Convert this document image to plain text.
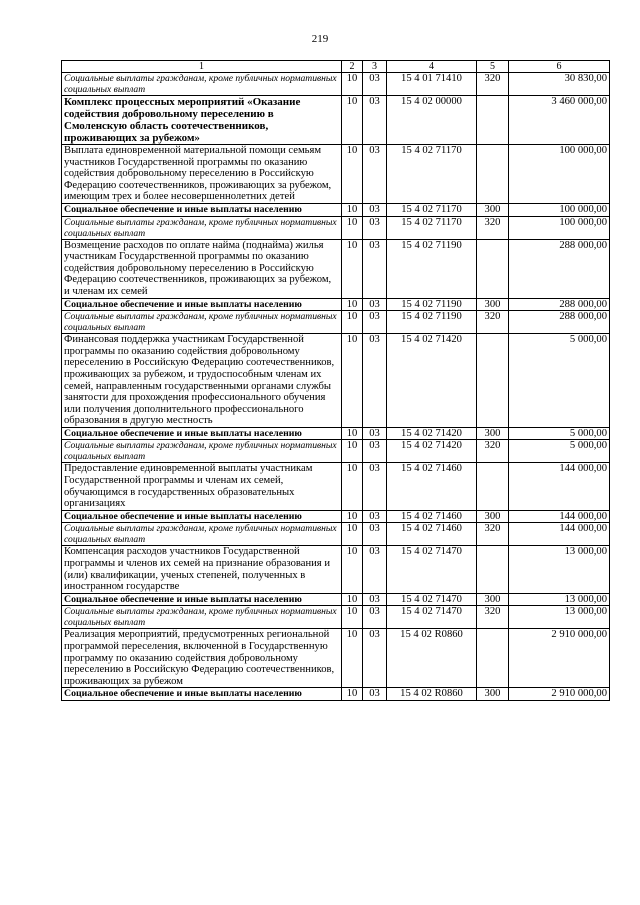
219
1	2	3	4	5	6
Социальные выплаты гражданам, кроме публичных нормативных социальных выплат	10	03	15 4 01 71410	320	30 830,00
Комплекс процессных мероприятий «Оказание содействия добровольному переселению в Смоленскую область соотечественников, проживающих за рубежом»	10	03	15 4 02 00000		3 460 000,00
Выплата единовременной материальной помощи семьям участников Государственной программы по оказанию содействия добровольному переселению в Российскую Федерацию соотечественников, проживающих за рубежом, имеющим трех и более несовершеннолетних детей	10	03	15 4 02 71170		100 000,00
Социальное обеспечение и иные выплаты населению	10	03	15 4 02 71170	300	100 000,00
Социальные выплаты гражданам, кроме публичных нормативных социальных выплат	10	03	15 4 02 71170	320	100 000,00
Возмещение расходов по оплате найма (поднайма) жилья участникам Государственной программы по оказанию содействия добровольному переселению в Российскую Федерацию соотечественников, проживающих за рубежом, и членам их семей	10	03	15 4 02 71190		288 000,00
Социальное обеспечение и иные выплаты населению	10	03	15 4 02 71190	300	288 000,00
Социальные выплаты гражданам, кроме публичных нормативных социальных выплат	10	03	15 4 02 71190	320	288 000,00
Финансовая поддержка участникам Государственной программы по оказанию содействия добровольному переселению в Российскую Федерацию соотечественников, проживающих за рубежом, и трудоспособным членам их семей, направленным государственными органами службы занятости для прохождения профессионального обучения или получения дополнительного профессионального образования в другую местность	10	03	15 4 02 71420		5 000,00
Социальное обеспечение и иные выплаты населению	10	03	15 4 02 71420	300	5 000,00
Социальные выплаты гражданам, кроме публичных нормативных социальных выплат	10	03	15 4 02 71420	320	5 000,00
Предоставление единовременной выплаты участникам Государственной программы и членам их семей, обучающимся в государственных образовательных организациях	10	03	15 4 02 71460		144 000,00
Социальное обеспечение и иные выплаты населению	10	03	15 4 02 71460	300	144 000,00
Социальные выплаты гражданам, кроме публичных нормативных социальных выплат	10	03	15 4 02 71460	320	144 000,00
Компенсация расходов участников Государственной программы и членов их семей на признание образования и (или) квалификации, ученых степеней, полученных в иностранном государстве	10	03	15 4 02 71470		13 000,00
Социальное обеспечение и иные выплаты населению	10	03	15 4 02 71470	300	13 000,00
Социальные выплаты гражданам, кроме публичных нормативных социальных выплат	10	03	15 4 02 71470	320	13 000,00
Реализация мероприятий, предусмотренных региональной программой переселения, включенной в Государственную программу по оказанию содействия добровольному переселению в Российскую Федерацию соотечественников, проживающих за рубежом	10	03	15 4 02 R0860		2 910 000,00
Социальное обеспечение и иные выплаты населению	10	03	15 4 02 R0860	300	2 910 000,00
